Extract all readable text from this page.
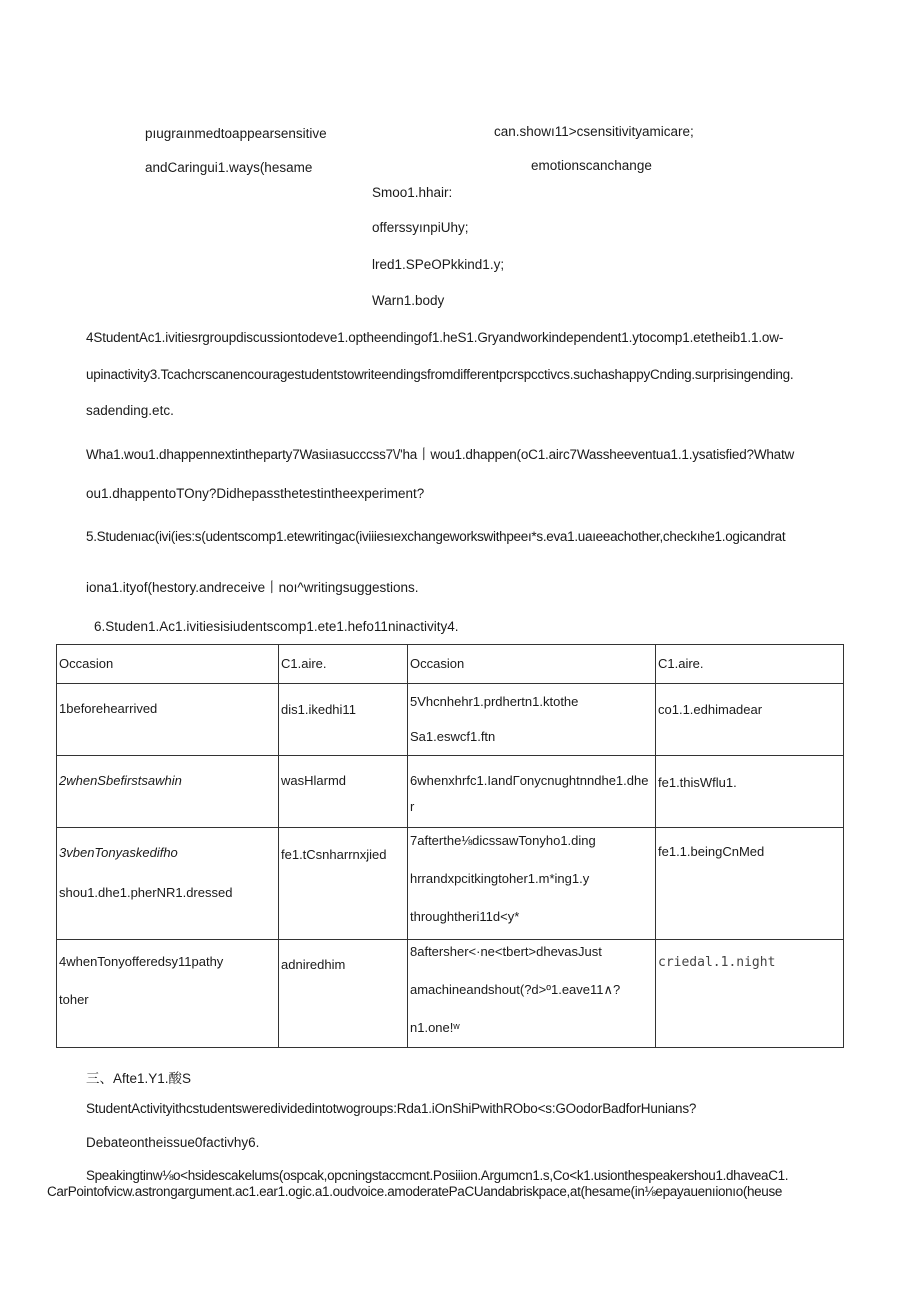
pıugraınmedtoappearsensitive
andCaringui1.ways(hesame
can.showı11>csensitivityamicare;
emotionscanchange
Smoo1.hhair:
offerssyınpiUhy;
lred1.SPeOPkkind1.y;
Warn1.body
4StudentAc1.ivitiesrgroupdiscussiontodeve1.optheendingof1.heS1.Gryandworkindependent1.ytocomp1.etetheib1.1.ow-
upinactivity3.Tcachcrscanencouragestudentstowriteendingsfromdifferentpcrspcctivcs.suchashappyCnding.surprisingending.
sadending.etc.
Wha1.wou1.dhappennextintheparty7Wasiıasucccss7\/'ha丨wou1.dhappen(oC1.airc7Wassheeventua1.1.ysatisfied?Whatw
ou1.dhappentoTOny?Didhepassthetestintheexperiment?
5.Studenıac(ivi(ies:s(udentscomp1.etewritingac(iviiiesıexchangeworkswithpeeı*s.eva1.uaıeeachother,checkıhe1.ogicandrat
iona1.ityof(hestory.andreceive丨noı^writingsuggestions.
6.Studen1.Ac1.ivitiesisiudentscomp1.ete1.hefo11ninactivity4.
Occasion	C1.aire.	Occasion	C1.aire.

1beforehearrived	dis1.ikedhi11	5Vhcnhehr1.prdhertn1.ktothe
Sa1.eswcf1.ftn	co1.1.edhimadear

2whenSbefirstsawhin	wasHlarmd	6whenxhrfc1.IandΓonycnughtnndhe1.dhe
r	fe1.thisWflu1.

3vbenTonyaskedifho
shou1.dhe1.pherNR1.dressed	fe1.tCsnharrnxjied	7afterthe⅛dicssawTonyho1.ding
hrrandxpcitkingtoher1.m*ing1.y
throughtheri11d<y*	fe1.1.beingCnMed

4whenTonyofferedsy11pathy
toher	adniredhim	8aftersher<·ne<tbert>dhevasJust
amachineandshout(?d>º1.eave11∧?
n1.one!ʷ	criedal.1.night
三、Afte1.Y1.酸S
StudentActivityithcstudentsweredividedintotwogroups:Rda1.iOnShiPwithRObo<s:GOodorBadforHunians?
Debateontheissue0factivhy6.
Speakingtinw⅛o<hsidescakelums(ospcak,opcningstaccmcnt.Posiiion.Argumcn1.s,Co<k1.usionthespeakershou1.dhaveaC1.
CarPointofvicw.astrongargument.ac1.ear1.ogic.a1.oudvoice.amoderatePaCUandabriskpace,at(hesame(in⅛epayauenıionıo(heuse
